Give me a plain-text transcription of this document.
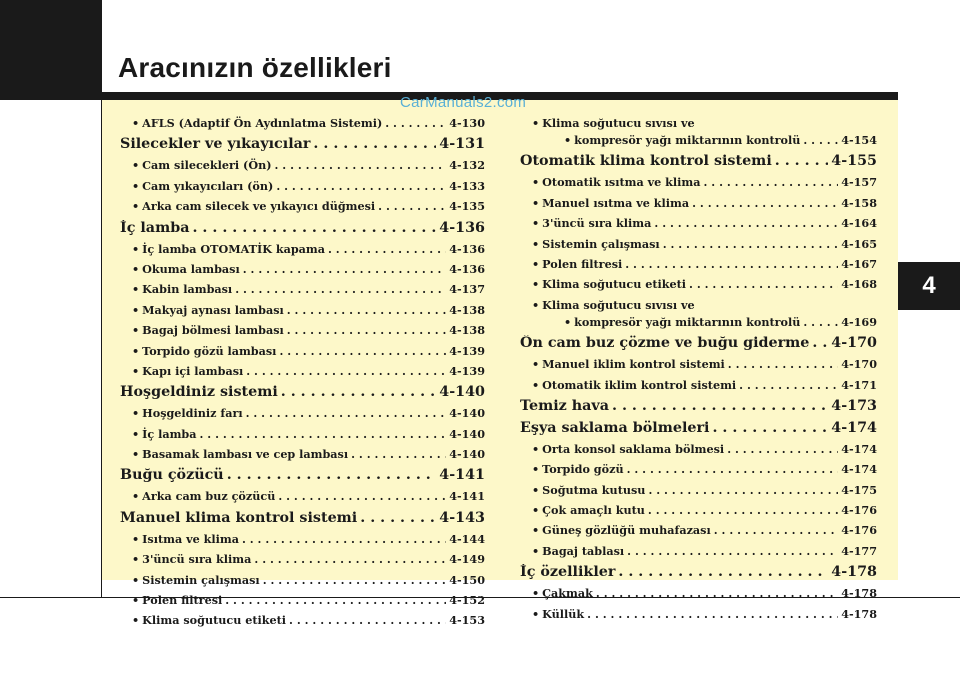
Aracınızın özellikleri
CarManuals2.com
4
• AFLS (Adaptif Ön Aydınlatma Sistemi) . . .	4-130
Silecekler ve yıkayıcılar . . .	4-131
• Cam silecekleri (Ön) . . .	4-132
• Cam yıkayıcıları (ön) . . .	4-133
• Arka cam silecek ve yıkayıcı düğmesi . . .	4-135
İç lamba . . .	4-136
• İç lamba OTOMATİK kapama . . .	4-136
• Okuma lambası . . .	4-136
• Kabin lambası . . .	4-137
• Makyaj aynası lambası . . .	4-138
• Bagaj bölmesi lambası . . .	4-138
• Torpido gözü lambası . . .	4-139
• Kapı içi lambası . . .	4-139
Hoşgeldiniz sistemi . . .	4-140
• Hoşgeldiniz farı . . .	4-140
• İç lamba . . .	4-140
• Basamak lambası ve cep lambası . . .	4-140
Buğu çözücü . . .	4-141
• Arka cam buz çözücü . . .	4-141
Manuel klima kontrol sistemi . . .	4-143
• Isıtma ve klima . . .	4-144
• 3'üncü sıra klima . . .	4-149
• Sistemin çalışması . . .	4-150
• Polen filtresi . . .	4-152
• Klima soğutucu etiketi . . .	4-153
• Klima soğutucu sıvısı ve
• kompresör yağı miktarının kontrolü . . .	4-154
Otomatik klima kontrol sistemi . . .	4-155
• Otomatik ısıtma ve klima . . .	4-157
• Manuel ısıtma ve klima . . .	4-158
• 3'üncü sıra klima . . .	4-164
• Sistemin çalışması . . .	4-165
• Polen filtresi . . .	4-167
• Klima soğutucu etiketi . . .	4-168
• Klima soğutucu sıvısı ve
• kompresör yağı miktarının kontrolü . . .	4-169
Ön cam buz çözme ve buğu giderme . . . 4-170
• Manuel iklim kontrol sistemi . . .	4-170
• Otomatik iklim kontrol sistemi . . .	4-171
Temiz hava . . .	4-173
Eşya saklama bölmeleri . . .	4-174
• Orta konsol saklama bölmesi . . .	4-174
• Torpido gözü . . .	4-174
• Soğutma kutusu . . .	4-175
• Çok amaçlı kutu . . .	4-176
• Güneş gözlüğü muhafazası . . .	4-176
• Bagaj tablası . . .	4-177
İç özellikler . . .	4-178
• Çakmak . . .	4-178
• Küllük . . .	4-178
